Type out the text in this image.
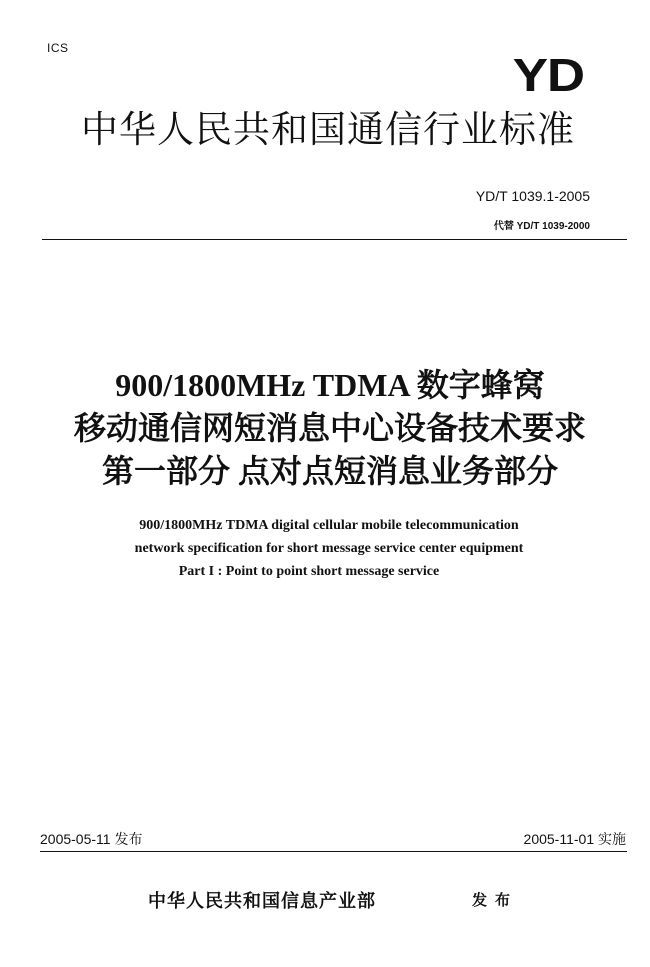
ICS
YD
中华人民共和国通信行业标准
YD/T 1039.1-2005
代替 YD/T 1039-2000
900/1800MHz TDMA 数字蜂窝
移动通信网短消息中心设备技术要求
第一部分 点对点短消息业务部分
900/1800MHz TDMA digital cellular mobile telecommunication
network specification for short message service center equipment
Part I : Point to point short message service
2005-05-11 发布	2005-11-01 实施
中华人民共和国信息产业部	发布
